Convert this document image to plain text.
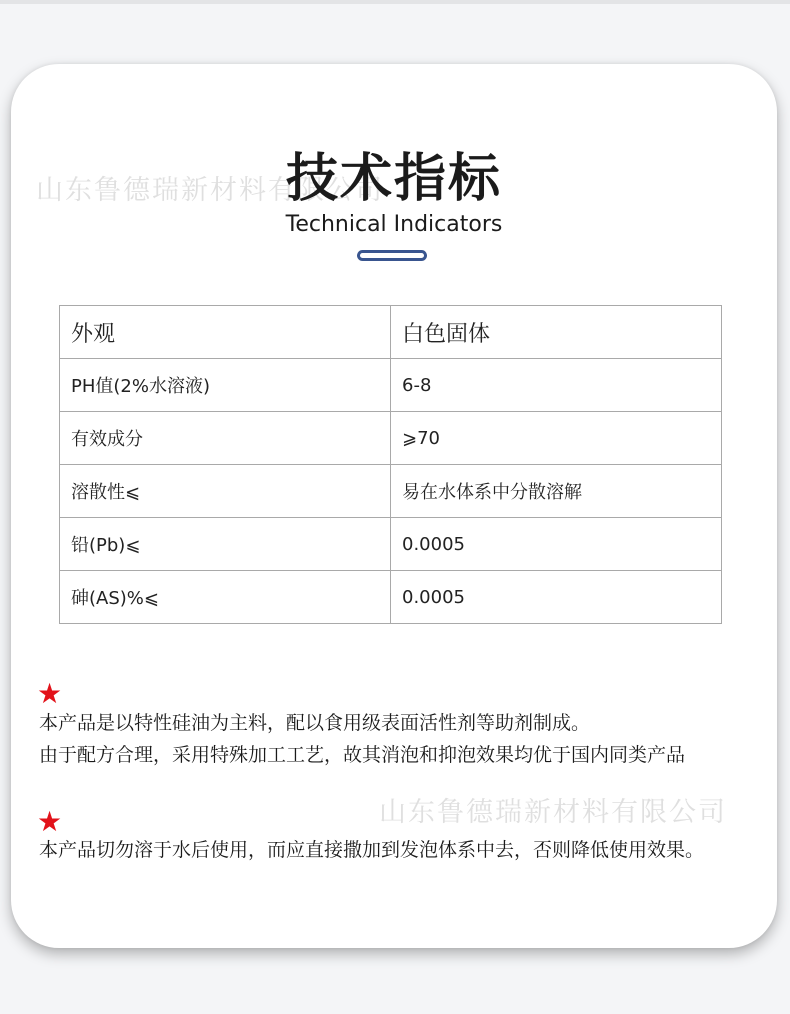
山东鲁德瑞新材料有限公司
技术指标
Technical Indicators
外观	白色固体
PH值(2%水溶液)	6-8
有效成分	⩾70
溶散性⩽	易在水体系中分散溶解
铅(Pb)⩽	0.0005
砷(AS)%⩽	0.0005
★
本产品是以特性硅油为主料，配以食用级表面活性剂等助剂制成。
由于配方合理，采用特殊加工工艺，故其消泡和抑泡效果均优于国内同类产品
山东鲁德瑞新材料有限公司
★
本产品切勿溶于水后使用，而应直接撒加到发泡体系中去，否则降低使用效果。
